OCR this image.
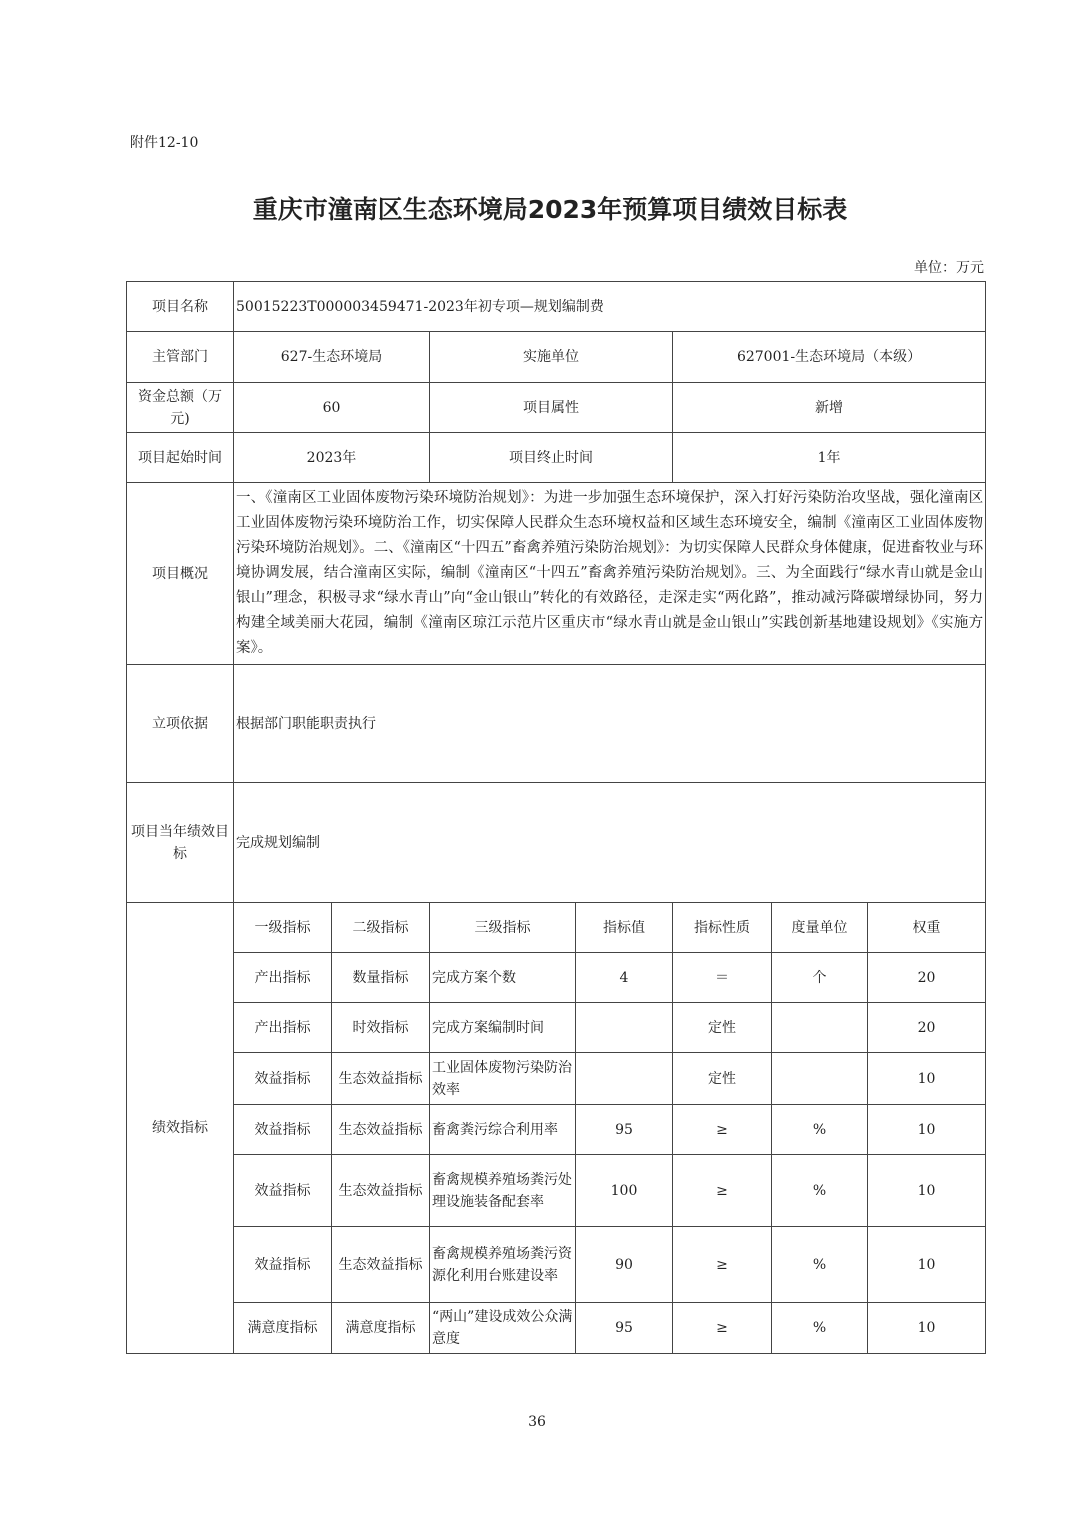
附件12-10
重庆市潼南区生态环境局2023年预算项目绩效目标表
单位：万元
项目名称	50015223T000003459471-2023年初专项—规划编制费						
主管部门	627-生态环境局		实施单位		627001-生态环境局（本级）		
资金总额（万元)	60		项目属性		新增		
项目起始时间	2023年		项目终止时间		1年		
项目概况	一、《潼南区工业固体废物污染环境防治规划》：为进一步加强生态环境保护，深入打好污染防治攻坚战，强化潼南区工业固体废物污染环境防治工作，切实保障人民群众生态环境权益和区域生态环境安全，编制《潼南区工业固体废物污染环境防治规划》。二、《潼南区“十四五”畜禽养殖污染防治规划》：为切实保障人民群众身体健康，促进畜牧业与环境协调发展，结合潼南区实际，编制《潼南区“十四五”畜禽养殖污染防治规划》。三、为全面践行“绿水青山就是金山银山”理念，积极寻求“绿水青山”向“金山银山”转化的有效路径，走深走实“两化路”，推动减污降碳增绿协同，努力构建全域美丽大花园，编制《潼南区琼江示范片区重庆市“绿水青山就是金山银山”实践创新基地建设规划》《实施方案》。						
立项依据	根据部门职能职责执行						
项目当年绩效目标	完成规划编制						
绩效指标	一级指标	二级指标	三级指标	指标值	指标性质	度量单位	权重
	产出指标	数量指标	完成方案个数	4	＝	个	20
	产出指标	时效指标	完成方案编制时间		定性		20
	效益指标	生态效益指标	工业固体废物污染防治效率		定性		10
	效益指标	生态效益指标	畜禽粪污综合利用率	95	≥	%	10
	效益指标	生态效益指标	畜禽规模养殖场粪污处理设施装备配套率	100	≥	%	10
	效益指标	生态效益指标	畜禽规模养殖场粪污资源化利用台账建设率	90	≥	%	10
	满意度指标	满意度指标	“两山”建设成效公众满意度	95	≥	%	10
36
